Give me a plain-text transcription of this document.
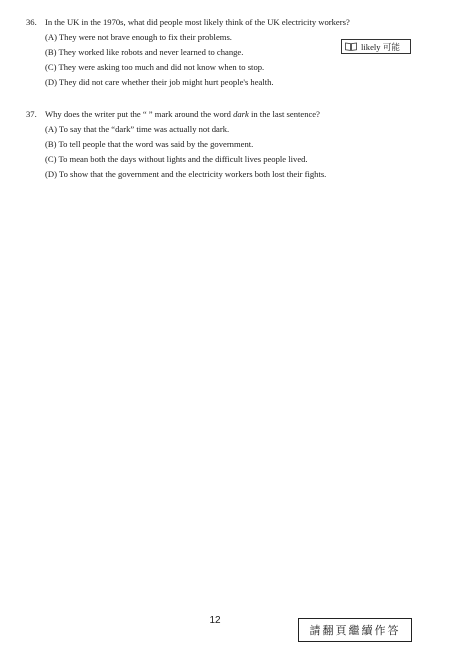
36. In the UK in the 1970s, what did people most likely think of the UK electricity workers?
(A) They were not brave enough to fix their problems.
(B) They worked like robots and never learned to change.
(C) They were asking too much and did not know when to stop.
(D) They did not care whether their job might hurt people's health.
likely 可能
37. Why does the writer put the “ ” mark around the word dark in the last sentence?
(A) To say that the “dark” time was actually not dark.
(B) To tell people that the word was said by the government.
(C) To mean both the days without lights and the difficult lives people lived.
(D) To show that the government and the electricity workers both lost their fights.
12
請翻頁繼續作答
